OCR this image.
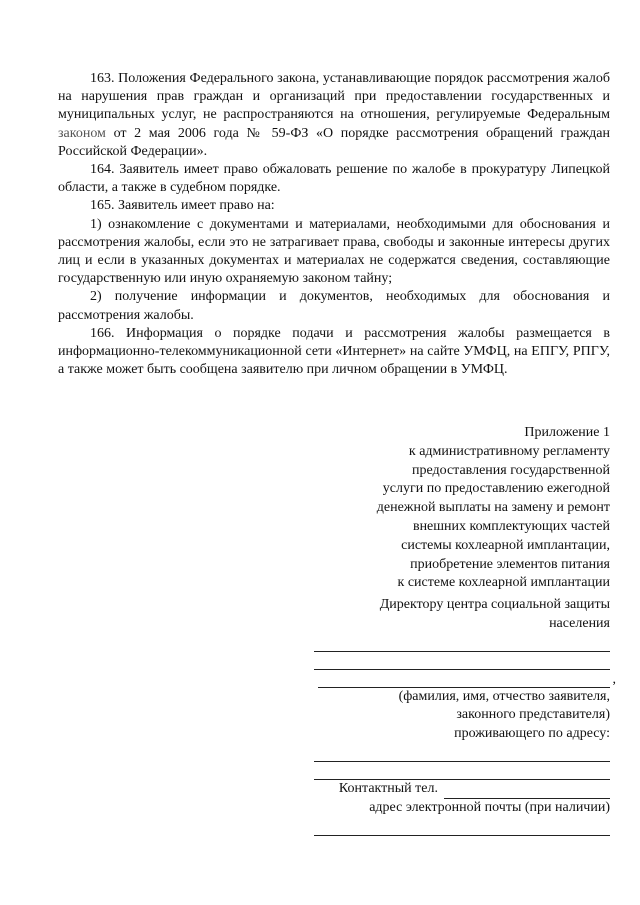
163. Положения Федерального закона, устанавливающие порядок рассмотрения жалоб на нарушения прав граждан и организаций при предоставлении государственных и муниципальных услуг, не распространяются на отношения, регулируемые Федеральным законом от 2 мая 2006 года № 59-ФЗ «О порядке рассмотрения обращений граждан Российской Федерации».

164. Заявитель имеет право обжаловать решение по жалобе в прокуратуру Липецкой области, а также в судебном порядке.

165. Заявитель имеет право на:

1) ознакомление с документами и материалами, необходимыми для обоснования и рассмотрения жалобы, если это не затрагивает права, свободы и законные интересы других лиц и если в указанных документах и материалах не содержатся сведения, составляющие государственную или иную охраняемую законом тайну;

2) получение информации и документов, необходимых для обоснования и рассмотрения жалобы.

166. Информация о порядке подачи и рассмотрения жалобы размещается в информационно-телекоммуникационной сети «Интернет» на сайте УМФЦ, на ЕПГУ, РПГУ, а также может быть сообщена заявителю при личном обращении в УМФЦ.

Приложение 1
к административному регламенту
предоставления государственной
услуги по предоставлению ежегодной
денежной выплаты на замену и ремонт
внешних комплектующих частей
системы кохлеарной имплантации,
приобретение элементов питания
к системе кохлеарной имплантации
Директору центра социальной защиты
населения
,
(фамилия, имя, отчество заявителя,
законного представителя)
проживающего по адресу:
Контактный тел.
адрес электронной почты (при наличии)
